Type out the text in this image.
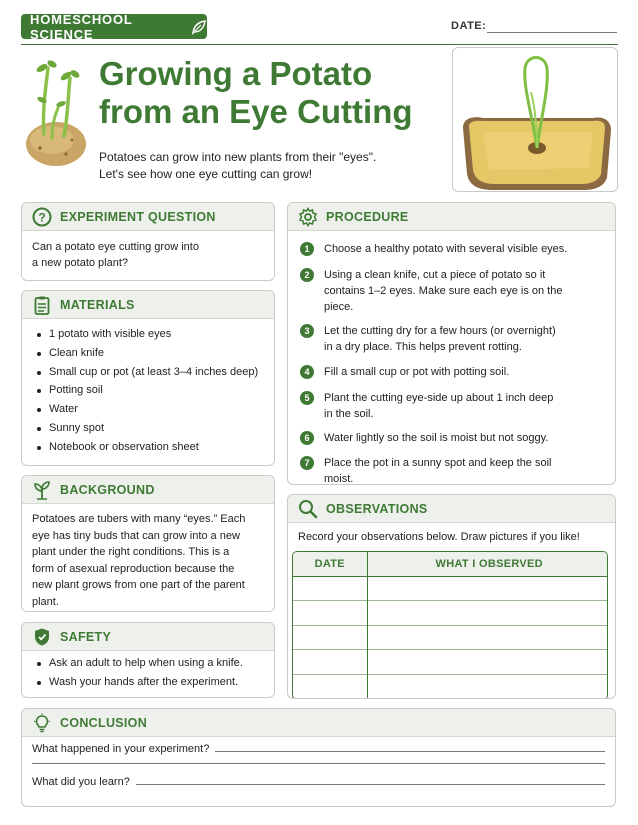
HOMESCHOOL SCIENCE
DATE:
Growing a Potato
from an Eye Cutting
Potatoes can grow into new plants from their "eyes".
Let's see how one eye cutting can grow!
? EXPERIMENT QUESTION
Can a potato eye cutting grow into
a new potato plant?
MATERIALS
1 potato with visible eyes
Clean knife
Small cup or pot (at least 3–4 inches deep)
Potting soil
Water
Sunny spot
Notebook or observation sheet
BACKGROUND
Potatoes are tubers with many “eyes.” Each
eye has tiny buds that can grow into a new
plant under the right conditions. This is a
form of asexual reproduction because the
new plant grows from one part of the parent
plant.
SAFETY
Ask an adult to help when using a knife.
Wash your hands after the experiment.
PROCEDURE
1	Choose a healthy potato with several visible eyes.
2	Using a clean knife, cut a piece of potato so it
contains 1–2 eyes. Make sure each eye is on the
piece.
3	Let the cutting dry for a few hours (or overnight)
in a dry place. This helps prevent rotting.
4	Fill a small cup or pot with potting soil.
5	Plant the cutting eye-side up about 1 inch deep
in the soil.
6	Water lightly so the soil is moist but not soggy.
7	Place the pot in a sunny spot and keep the soil
moist.
OBSERVATIONS
Record your observations below. Draw pictures if you like!
DATE	WHAT I OBSERVED

CONCLUSION
What happened in your experiment?
What did you learn?
